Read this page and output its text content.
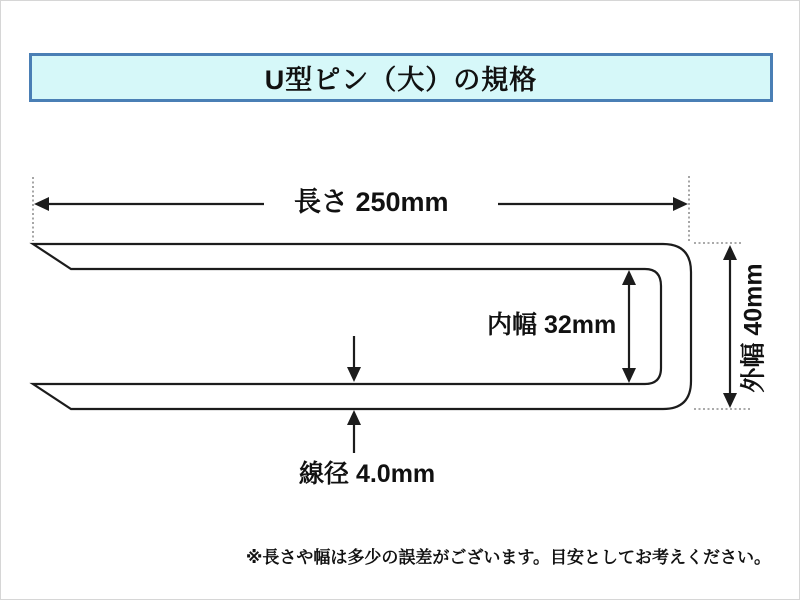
U型ピン（大）の規格
長さ 250mm
内幅 32mm	外幅 40mm
線径 4.0mm
※長さや幅は多少の誤差がございます。目安としてお考えください。
